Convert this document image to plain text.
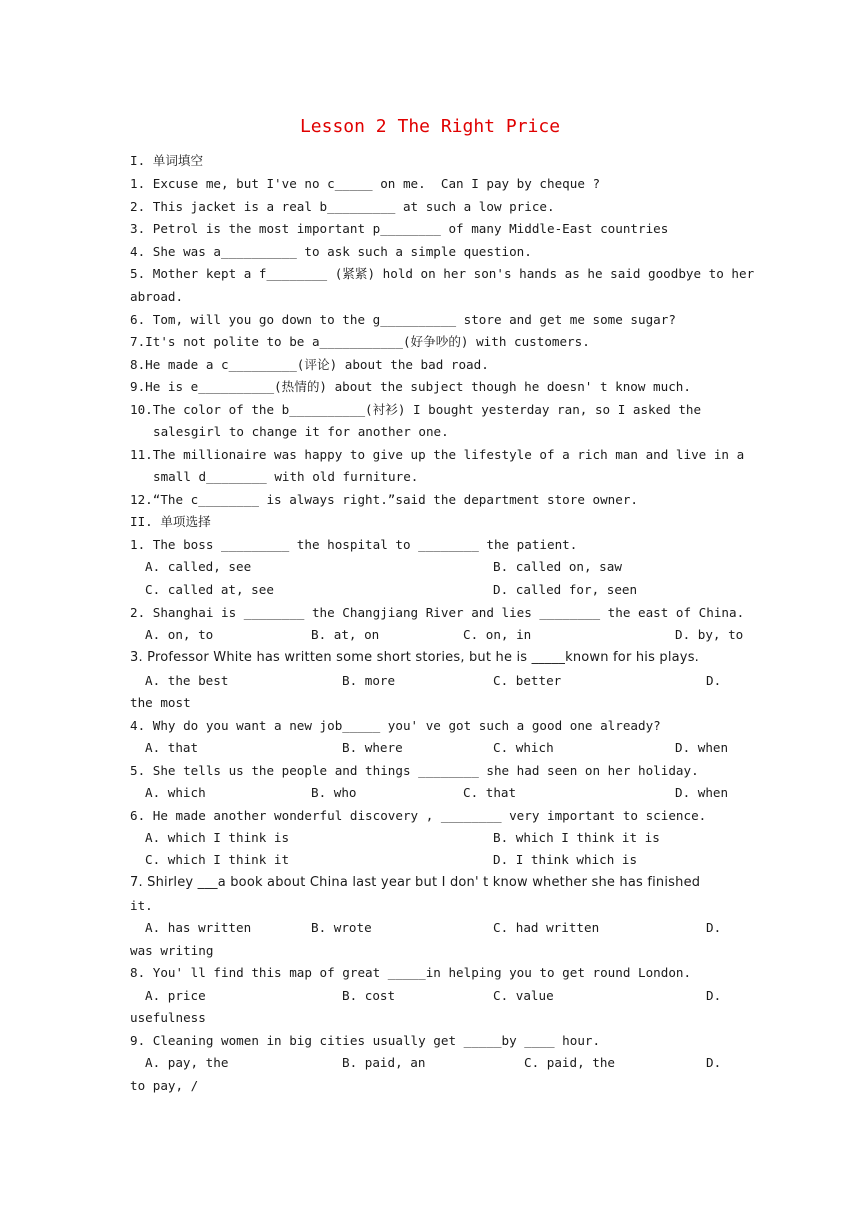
Lesson 2 The Right Price
I. 单词填空
1. Excuse me, but I've no c_____ on me.  Can I pay by cheque ?
2. This jacket is a real b_________ at such a low price.
3. Petrol is the most important p________ of many Middle-East countries
4. She was a__________ to ask such a simple question.
5. Mother kept a f________ (紧紧) hold on her son's hands as he said goodbye to her
abroad.
6. Tom, will you go down to the g__________ store and get me some sugar?
7.It's not polite to be a___________(好争吵的) with customers.
8.He made a c_________(评论) about the bad road.
9.He is e__________(热情的) about the subject though he doesn' t know much.
10.The color of the b__________(衬衫) I bought yesterday ran, so I asked the
salesgirl to change it for another one.
11.The millionaire was happy to give up the lifestyle of a rich man and live in a
small d________ with old furniture.
12.“The c________ is always right.”said the department store owner.
II. 单项选择
1. The boss _________ the hospital to ________ the patient.
A. called, see	B. called on, saw
C. called at, see	D. called for, seen
2. Shanghai is ________ the Changjiang River and lies ________ the east of China.
A. on, to	B. at, on	C. on, in	D. by, to
3. Professor White has written some short stories, but he is _____known for his plays.
A. the best	B. more	C. better	D.
the most
4. Why do you want a new job_____ you' ve got such a good one already?
A. that	B. where	C. which	D. when
5. She tells us the people and things ________ she had seen on her holiday.
A. which	B. who	C. that	D. when
6. He made another wonderful discovery , ________ very important to science.
A. which I think is	B. which I think it is
C. which I think it	D. I think which is
7. Shirley ___a book about China last year but I don' t know whether she has finished
it.
A. has written	B. wrote	C. had written	D.
was writing
8. You' ll find this map of great _____in helping you to get round London.
A. price	B. cost	C. value	D.
usefulness
9. Cleaning women in big cities usually get _____by ____ hour.
A. pay, the	B. paid, an	C. paid, the	D.
to pay, /
